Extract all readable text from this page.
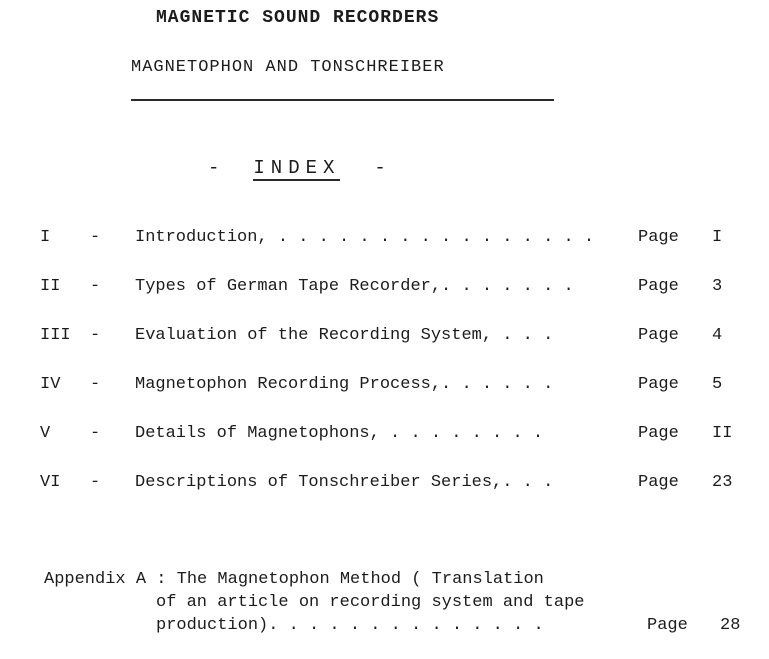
MAGNETIC SOUND RECORDERS
MAGNETOPHON AND TONSCHREIBER
- INDEX -
I - Introduction, . . . . . . . . . . . . . . . .	Page I
II - Types of German Tape Recorder,. . . . . . .	Page 3
III - Evaluation of the Recording System, . . .	Page 4
IV - Magnetophon Recording Process,. . . . . .	Page 5
V - Details of Magnetophons, . . . . . . . .	Page II
VI - Descriptions of Tonschreiber Series,. . .	Page 23
Appendix A : The Magnetophon Method ( Translation
of an article on recording system and tape
production). . . . . . . . . . . . . .	Page 28
